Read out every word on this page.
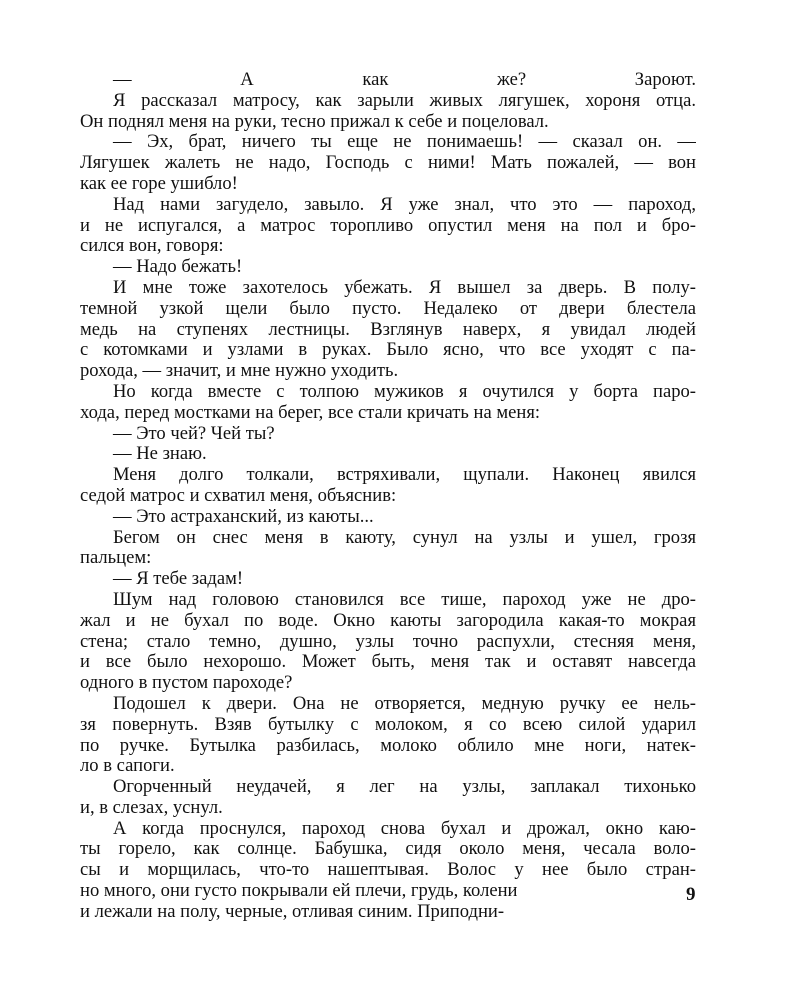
— А как же? Зароют.
Я рассказал матросу, как зарыли живых лягушек, хороня отца.
Он поднял меня на руки, тесно прижал к себе и поцеловал.
— Эх, брат, ничего ты еще не понимаешь! — сказал он. —
Лягушек жалеть не надо, Господь с ними! Мать пожалей, — вон
как ее горе ушибло!
Над нами загудело, завыло. Я уже знал, что это — пароход,
и не испугался, а матрос торопливо опустил меня на пол и бро-
сился вон, говоря:
— Надо бежать!
И мне тоже захотелось убежать. Я вышел за дверь. В полу-
темной узкой щели было пусто. Недалеко от двери блестела
медь на ступенях лестницы. Взглянув наверх, я увидал людей
с котомками и узлами в руках. Было ясно, что все уходят с па-
рохода, — значит, и мне нужно уходить.
Но когда вместе с толпою мужиков я очутился у борта паро-
хода, перед мостками на берег, все стали кричать на меня:
— Это чей? Чей ты?
— Не знаю.
Меня долго толкали, встряхивали, щупали. Наконец явился
седой матрос и схватил меня, объяснив:
— Это астраханский, из каюты...
Бегом он снес меня в каюту, сунул на узлы и ушел, грозя
пальцем:
— Я тебе задам!
Шум над головою становился все тише, пароход уже не дро-
жал и не бухал по воде. Окно каюты загородила какая-то мокрая
стена; стало темно, душно, узлы точно распухли, стесняя меня,
и все было нехорошо. Может быть, меня так и оставят навсегда
одного в пустом пароходе?
Подошел к двери. Она не отворяется, медную ручку ее нель-
зя повернуть. Взяв бутылку с молоком, я со всею силой ударил
по ручке. Бутылка разбилась, молоко облило мне ноги, натек-
ло в сапоги.
Огорченный неудачей, я лег на узлы, заплакал тихонько
и, в слезах, уснул.
А когда проснулся, пароход снова бухал и дрожал, окно каю-
ты горело, как солнце. Бабушка, сидя около меня, чесала воло-
сы и морщилась, что-то нашептывая. Волос у нее было стран-
но много, они густо покрывали ей плечи, грудь, колени
и лежали на полу, черные, отливая синим. Приподни-
9
